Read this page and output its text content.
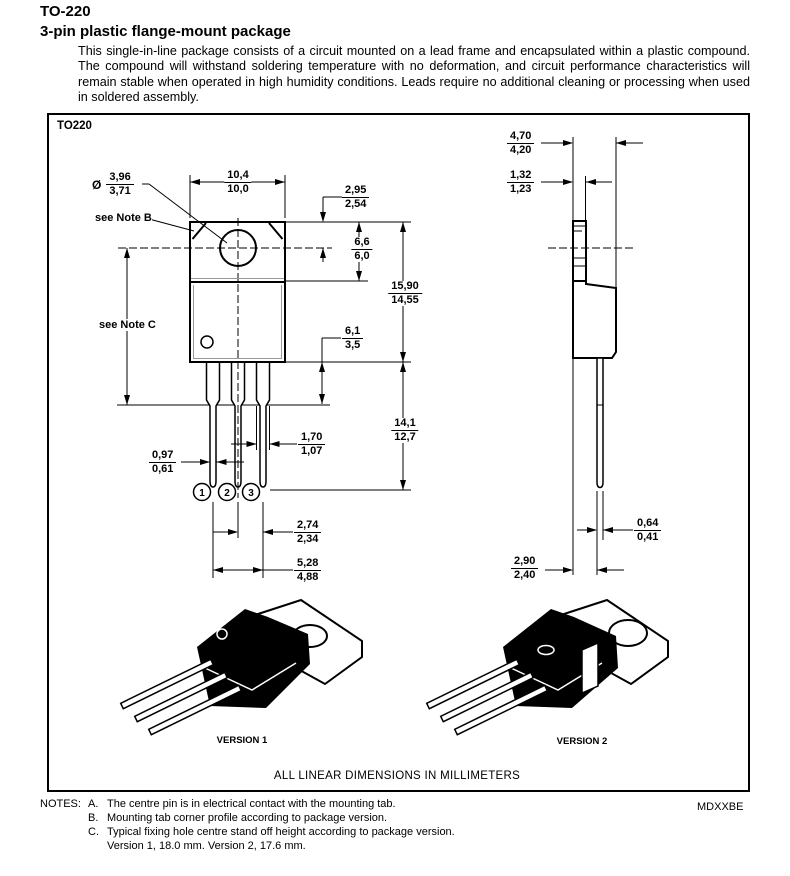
TO-220
3-pin plastic flange-mount package
This single-in-line package consists of a circuit mounted on a lead frame and encapsulated within a plastic compound. The compound will withstand soldering temperature with no deformation, and circuit performance characteristics will remain stable when operated in high humidity conditions. Leads require no additional cleaning or processing when used in soldered assembly.
TO220
1 2 3
10,4
10,0
Ø
3,96
3,71
see Note B
see Note C
2,95
2,54
6,6
6,0
15,90
14,55
6,1
3,5
14,1
12,7
1,70
1,07
0,97
0,61
2,74
2,34
5,28
4,88
4,70
4,20
1,32
1,23
0,64
0,41
2,90
2,40
VERSION 1	VERSION 2
ALL LINEAR DIMENSIONS IN MILLIMETERS
NOTES: A. The centre pin is in electrical contact with the mounting tab.
B. Mounting tab corner profile according to package version.
C. Typical fixing hole centre stand off height according to package version.
Version 1, 18.0 mm. Version 2, 17.6 mm.
MDXXBE
